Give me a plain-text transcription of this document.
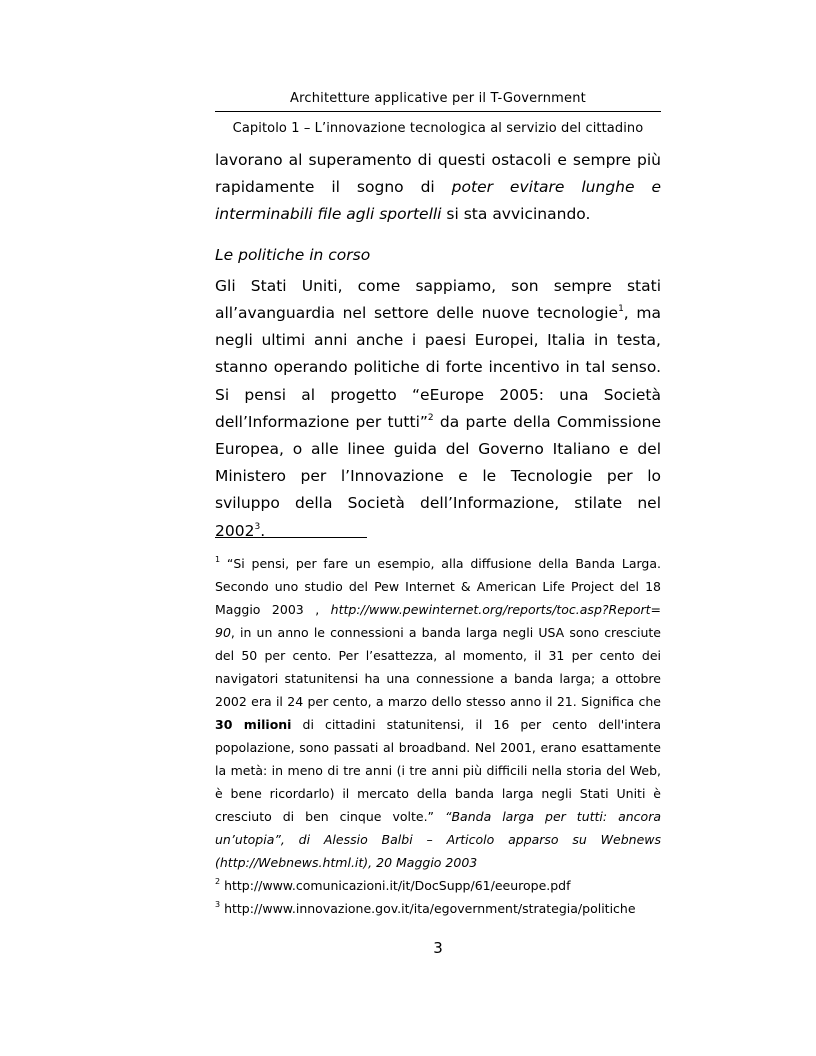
Architetture applicative per il T-Government
Capitolo 1 – L’innovazione tecnologica al servizio del cittadino

lavorano al superamento di questi ostacoli e sempre più rapidamente il sogno di poter evitare lunghe e interminabili file agli sportelli si sta avvicinando.

Le politiche in corso

Gli Stati Uniti, come sappiamo, son sempre stati all’avanguardia nel settore delle nuove tecnologie$^1$, ma negli ultimi anni anche i paesi Europei, Italia in testa, stanno operando politiche di forte incentivo in tal senso. Si pensi al progetto “eEurope 2005: una Società dell’Informazione per tutti”$^2$ da parte della Commissione Europea, o alle linee guida del Governo Italiano e del Ministero per l’Innovazione e le Tecnologie per lo sviluppo della Società dell’Informazione, stilate nel 2002$^3$.

$^1$ “Si pensi, per fare un esempio, alla diffusione della Banda Larga. Secondo uno studio del Pew Internet & American Life Project del 18 Maggio 2003 , http://www.pewinternet.org/reports/toc.asp?Report= 90, in un anno le connessioni a banda larga negli USA sono cresciute del 50 per cento. Per l’esattezza, al momento, il 31 per cento dei navigatori statunitensi ha una connessione a banda larga; a ottobre 2002 era il 24 per cento, a marzo dello stesso anno il 21. Significa che 30 milioni di cittadini statunitensi, il 16 per cento dell'intera popolazione, sono passati al broadband. Nel 2001, erano esattamente la metà: in meno di tre anni (i tre anni più difficili nella storia del Web, è bene ricordarlo) il mercato della banda larga negli Stati Uniti è cresciuto di ben cinque volte.” “Banda larga per tutti: ancora un’utopia”, di Alessio Balbi – Articolo apparso su Webnews (http://Webnews.html.it), 20 Maggio 2003

$^2$ http://www.comunicazioni.it/it/DocSupp/61/eeurope.pdf

$^3$ http://www.innovazione.gov.it/ita/egovernment/strategia/politiche

3
